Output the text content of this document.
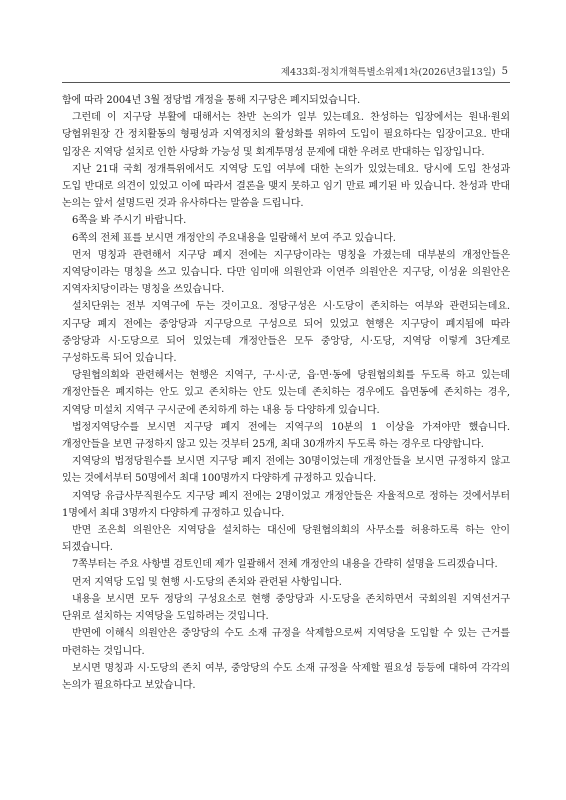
제433회-정치개혁특별소위제1차(2026년3월13일) 5

함에 따라 2004년 3월 정당법 개정을 통해 지구당은 폐지되었습니다.

그런데 이 지구당 부활에 대해서는 찬반 논의가 일부 있는데요. 찬성하는 입장에서는 원내·원외 당협위원장 간 정치활동의 형평성과 지역정치의 활성화를 위하여 도입이 필요하다는 입장이고요. 반대 입장은 지역당 설치로 인한 사당화 가능성 및 회계투명성 문제에 대한 우려로 반대하는 입장입니다.

지난 21대 국회 정개특위에서도 지역당 도입 여부에 대한 논의가 있었는데요. 당시에 도입 찬성과 도입 반대로 의견이 있었고 이에 따라서 결론을 맺지 못하고 임기 만료 폐기된 바 있습니다. 찬성과 반대 논의는 앞서 설명드린 것과 유사하다는 말씀을 드립니다.

6쪽을 봐 주시기 바랍니다.

6쪽의 전체 표를 보시면 개정안의 주요내용을 일람해서 보여 주고 있습니다.

먼저 명칭과 관련해서 지구당 폐지 전에는 지구당이라는 명칭을 가졌는데 대부분의 개정안들은 지역당이라는 명칭을 쓰고 있습니다. 다만 임미애 의원안과 이연주 의원안은 지구당, 이성윤 의원안은 지역자치당이라는 명칭을 쓰있습니다.

설치단위는 전부 지역구에 두는 것이고요. 정당구성은 시·도당이 존치하는 여부와 관련되는데요. 지구당 폐지 전에는 중앙당과 지구당으로 구성으로 되어 있었고 현행은 지구당이 폐지됨에 따라 중앙당과 시·도당으로 되어 있었는데 개정안들은 모두 중앙당, 시·도당, 지역당 이렇게 3단계로 구성하도록 되어 있습니다.

당원협의회와 관련해서는 현행은 지역구, 구·시·군, 읍·면·동에 당원협의회를 두도록 하고 있는데 개정안들은 폐지하는 안도 있고 존치하는 안도 있는데 존치하는 경우에도 읍면동에 존치하는 경우, 지역당 미설치 지역구 구시군에 존치하게 하는 내용 등 다양하게 있습니다.

법정지역당수를 보시면 지구당 폐지 전에는 지역구의 10분의 1 이상을 가져야만 했습니다. 개정안들을 보면 규정하지 않고 있는 것부터 25개, 최대 30개까지 두도록 하는 경우로 다양합니다.

지역당의 법정당원수를 보시면 지구당 폐지 전에는 30명이었는데 개정안들을 보시면 규정하지 않고 있는 것에서부터 50명에서 최대 100명까지 다양하게 규정하고 있습니다.

지역당 유급사무직원수도 지구당 폐지 전에는 2명이었고 개정안들은 자율적으로 정하는 것에서부터 1명에서 최대 3명까지 다양하게 규정하고 있습니다.

반면 조은희 의원안은 지역당을 설치하는 대신에 당원협의회의 사무소를 허용하도록 하는 안이 되겠습니다.

7쪽부터는 주요 사항별 검토인데 제가 일괄해서 전체 개정안의 내용을 간략히 설명을 드리겠습니다.

먼저 지역당 도입 및 현행 시·도당의 존치와 관련된 사항입니다.

내용을 보시면 모두 정당의 구성요소로 현행 중앙당과 시·도당을 존치하면서 국회의원 지역선거구 단위로 설치하는 지역당을 도입하려는 것입니다.

반면에 이해식 의원안은 중앙당의 수도 소재 규정을 삭제함으로써 지역당을 도입할 수 있는 근거를 마련하는 것입니다.

보시면 명칭과 시·도당의 존치 여부, 중앙당의 수도 소재 규정을 삭제할 필요성 등등에 대하여 각각의 논의가 필요하다고 보았습니다.
